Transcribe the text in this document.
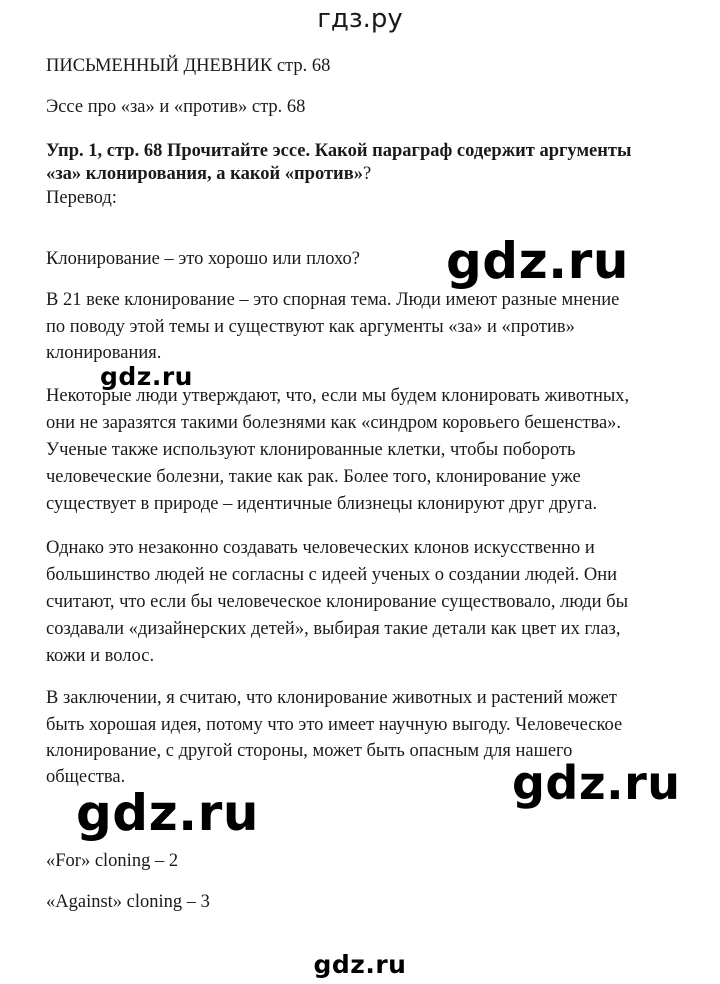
гдз.ру
ПИСЬМЕННЫЙ ДНЕВНИК стр. 68
Эссе про «за» и «против» стр. 68
Упр. 1, стр. 68 Прочитайте эссе. Какой параграф содержит аргументы
«за» клонирования, а какой «против»?
Перевод:
Клонирование – это хорошо или плохо?
В 21 веке клонирование – это спорная тема. Люди имеют разные мнение
по поводу этой темы и существуют как аргументы «за» и «против»
клонирования.
Некоторые люди утверждают, что, если мы будем клонировать животных,
они не заразятся такими болезнями как «синдром коровьего бешенства».
Ученые также используют клонированные клетки, чтобы побороть
человеческие болезни, такие как рак. Более того, клонирование уже
существует в природе – идентичные близнецы клонируют друг друга.
Однако это незаконно создавать человеческих клонов искусственно и
большинство людей не согласны с идеей ученых о создании людей. Они
считают, что если бы человеческое клонирование существовало, люди бы
создавали «дизайнерских детей», выбирая такие детали как цвет их глаз,
кожи и волос.
В заключении, я считаю, что клонирование животных и растений может
быть хорошая идея, потому что это имеет научную выгоду. Человеческое
клонирование, с другой стороны, может быть опасным для нашего
общества.
«For» cloning – 2
«Against» cloning – 3
gdz.ru
gdz.ru
gdz.ru
gdz.ru
gdz.ru
